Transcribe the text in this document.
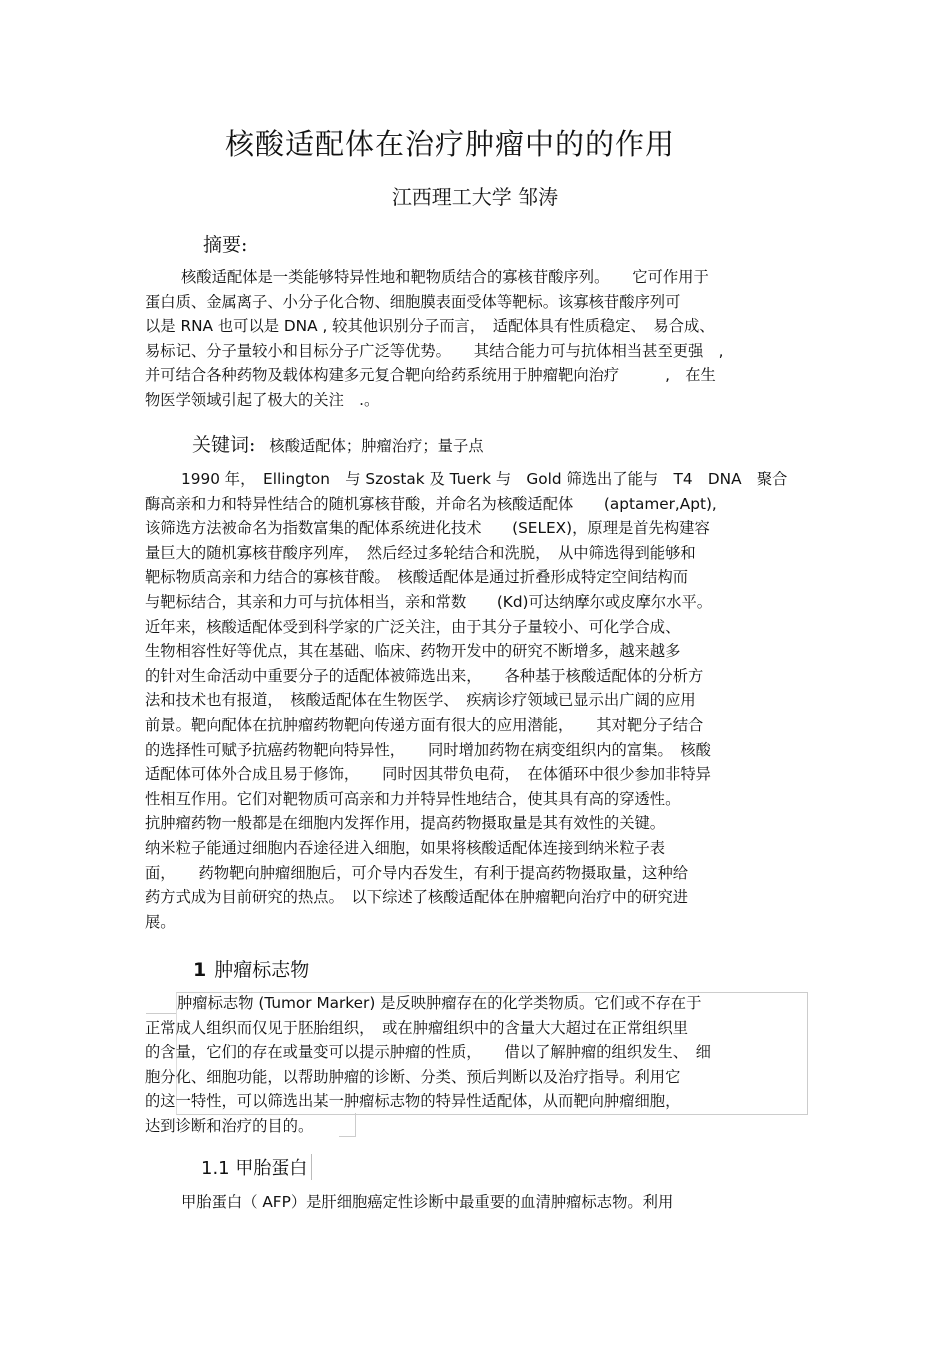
核酸适配体在治疗肿瘤中的的作用
江西理工大学 邹涛
摘要:
核酸适配体是一类能够特异性地和靶物质结合的寡核苷酸序列。　　它可作用于
蛋白质、金属离子、小分子化合物、细胞膜表面受体等靶标。该寡核苷酸序列可
以是 RNA 也可以是 DNA , 较其他识别分子而言，　适配体具有性质稳定、　易合成、
易标记、分子量较小和目标分子广泛等优势。　　其结合能力可与抗体相当甚至更强　,
并可结合各种药物及载体构建多元复合靶向给药系统用于肿瘤靶向治疗　　　,　在生
物医学领域引起了极大的关注　.。
关键词: 核酸适配体；肿瘤治疗；量子点
1990 年，　Ellington　与 Szostak 及 Tuerk 与　Gold 筛选出了能与　T4　DNA　聚合
酶高亲和力和特异性结合的随机寡核苷酸，并命名为核酸适配体　　(aptamer,Apt),
该筛选方法被命名为指数富集的配体系统进化技术　　(SELEX)，原理是首先构建容
量巨大的随机寡核苷酸序列库，　然后经过多轮结合和洗脱，　从中筛选得到能够和
靶标物质高亲和力结合的寡核苷酸。　核酸适配体是通过折叠形成特定空间结构而
与靶标结合，其亲和力可与抗体相当，亲和常数　　(Kd)可达纳摩尔或皮摩尔水平。
近年来，核酸适配体受到科学家的广泛关注，由于其分子量较小、可化学合成、
生物相容性好等优点，其在基础、临床、药物开发中的研究不断增多，越来越多
的针对生命活动中重要分子的适配体被筛选出来，　　各种基于核酸适配体的分析方
法和技术也有报道，　核酸适配体在生物医学、　疾病诊疗领域已显示出广阔的应用
前景。靶向配体在抗肿瘤药物靶向传递方面有很大的应用潜能，　　其对靶分子结合
的选择性可赋予抗癌药物靶向特异性，　　同时增加药物在病变组织内的富集。　核酸
适配体可体外合成且易于修饰，　　同时因其带负电荷，　在体循环中很少参加非特异
性相互作用。它们对靶物质可高亲和力并特异性地结合，使其具有高的穿透性。
抗肿瘤药物一般都是在细胞内发挥作用，提高药物摄取量是其有效性的关键。
纳米粒子能通过细胞内吞途径进入细胞，如果将核酸适配体连接到纳米粒子表
面，　　药物靶向肿瘤细胞后，可介导内吞发生，有利于提高药物摄取量，这种给
药方式成为目前研究的热点。　以下综述了核酸适配体在肿瘤靶向治疗中的研究进
展。
1 肿瘤标志物
肿瘤标志物 (Tumor Marker) 是反映肿瘤存在的化学类物质。它们或不存在于
正常成人组织而仅见于胚胎组织，　或在肿瘤组织中的含量大大超过在正常组织里
的含量，它们的存在或量变可以提示肿瘤的性质，　　借以了解肿瘤的组织发生、　细
胞分化、细胞功能，以帮助肿瘤的诊断、分类、预后判断以及治疗指导。利用它
的这一特性，可以筛选出某一肿瘤标志物的特异性适配体，从而靶向肿瘤细胞，
达到诊断和治疗的目的。
1.1 甲胎蛋白
甲胎蛋白（ AFP）是肝细胞癌定性诊断中最重要的血清肿瘤标志物。利用
